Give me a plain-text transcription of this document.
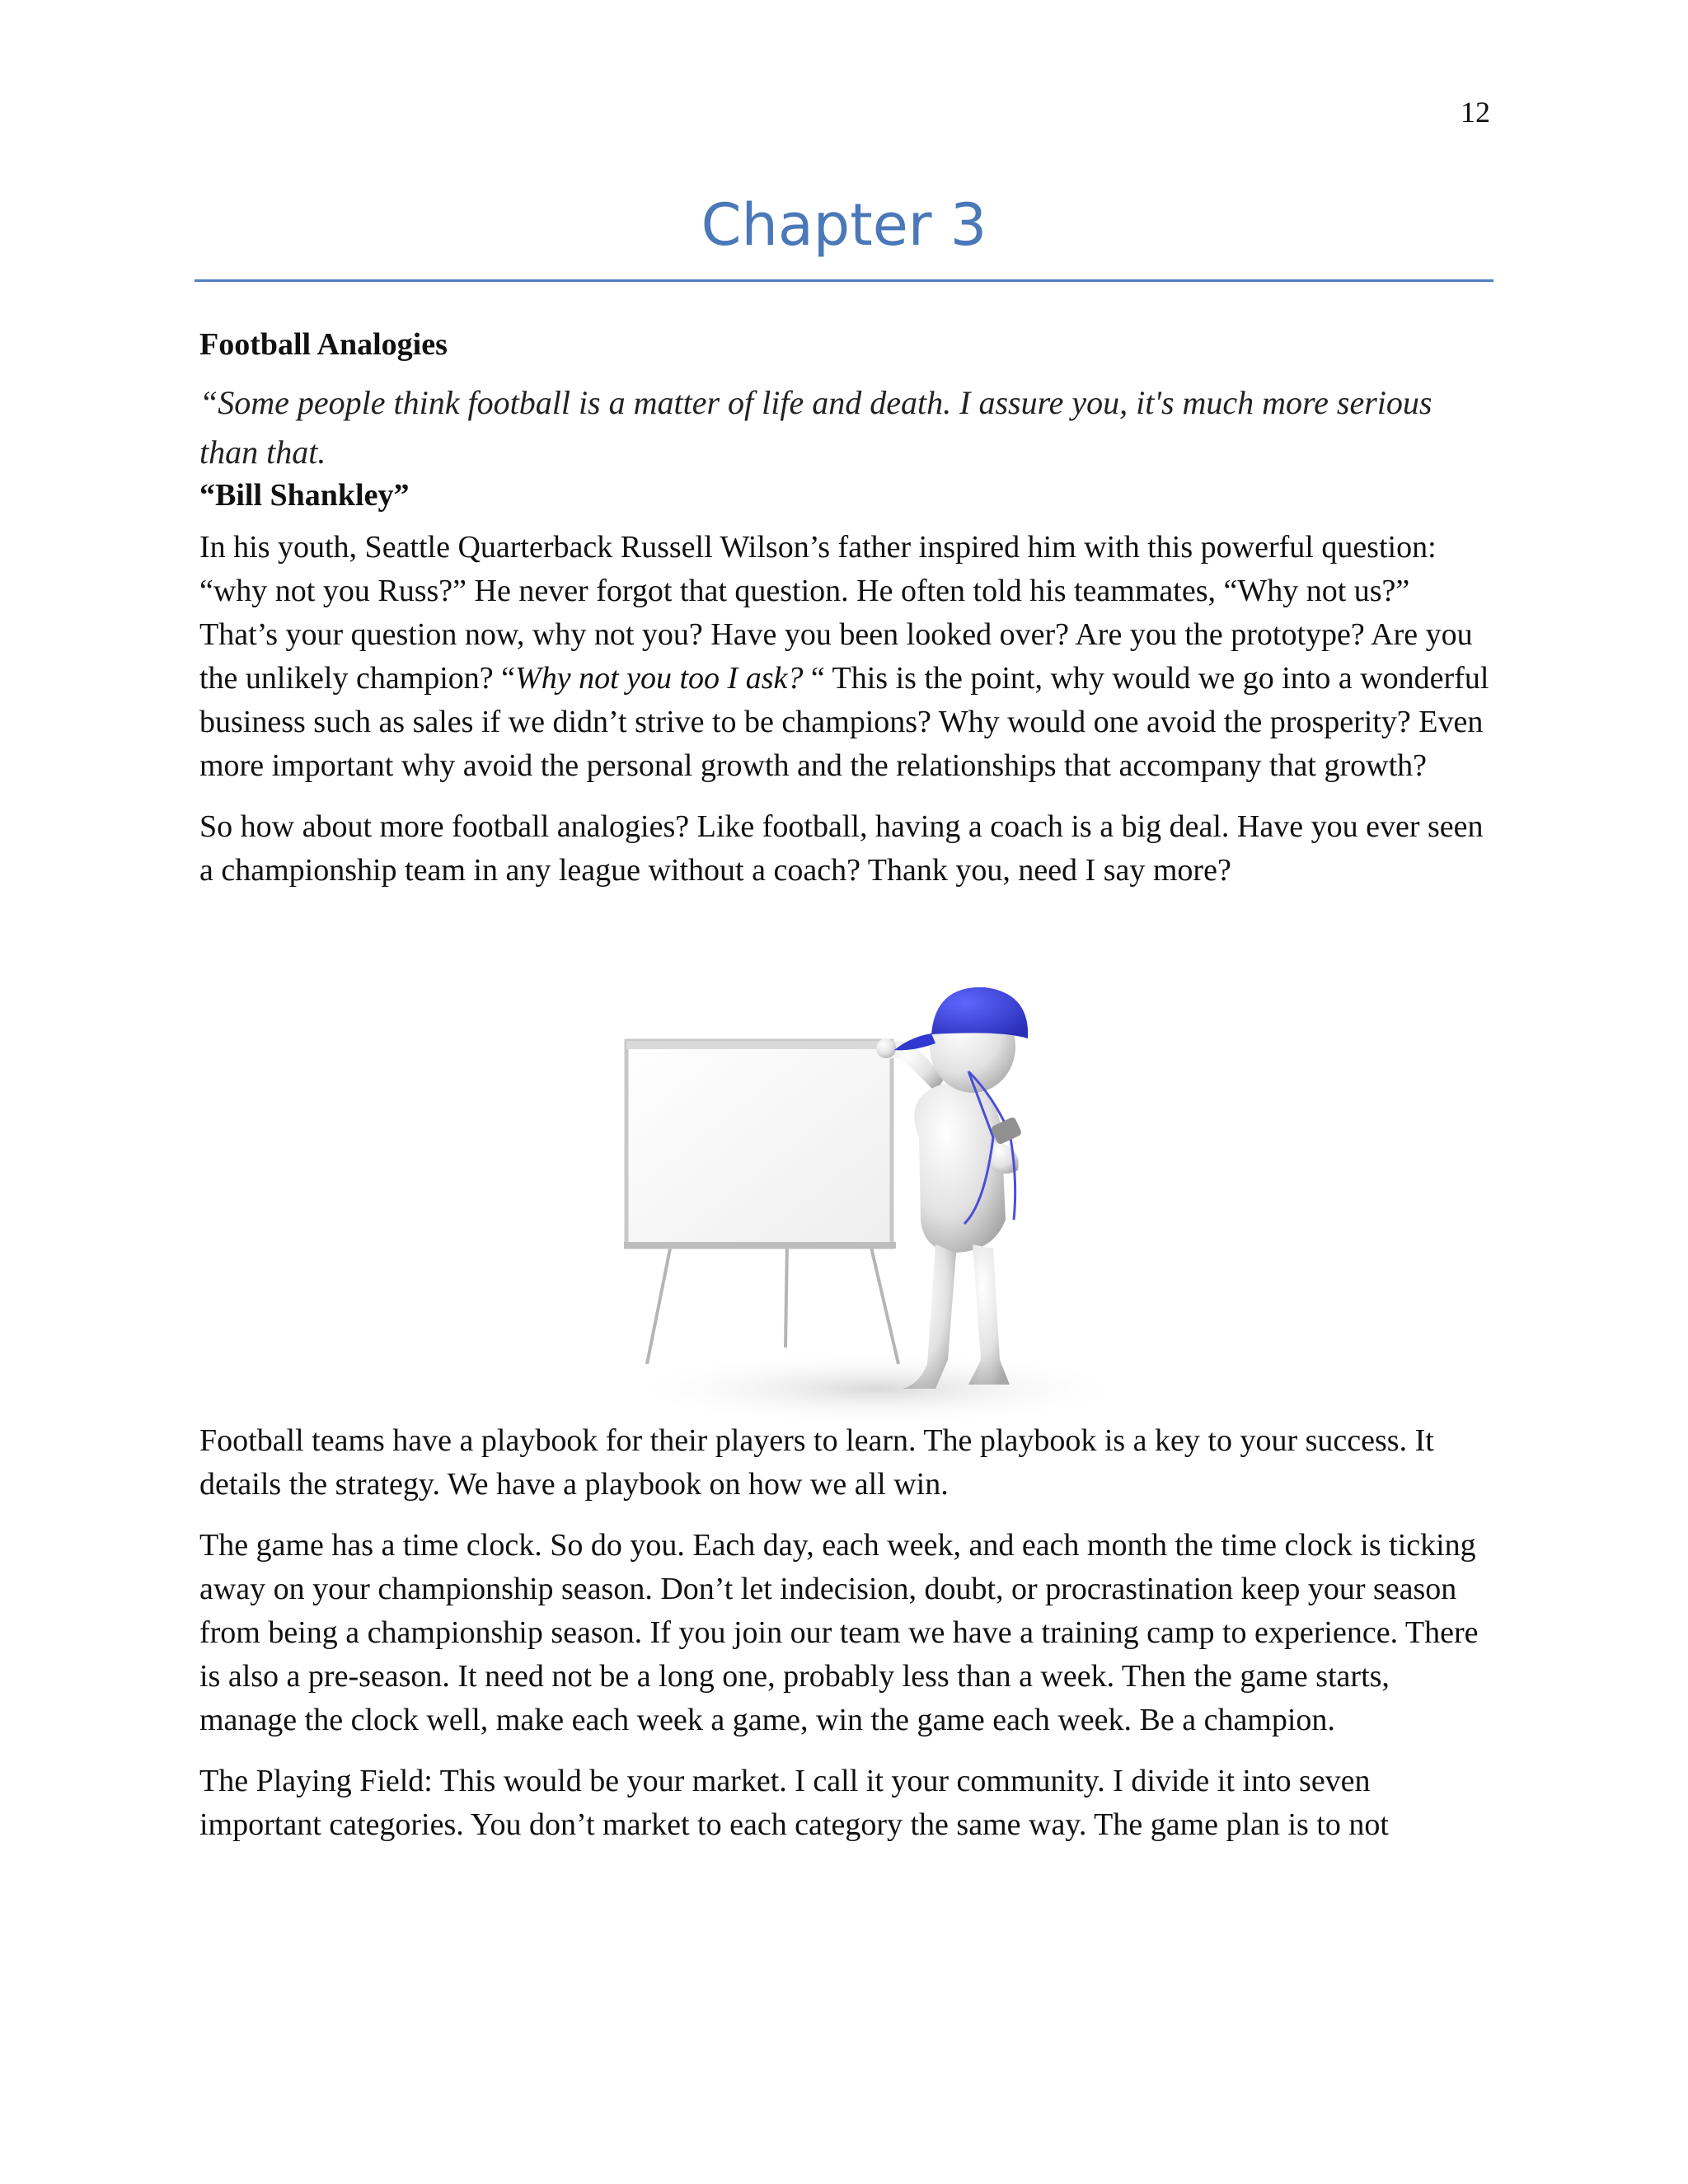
12
Chapter 3

Football Analogies

“Some people think football is a matter of life and death. I assure you, it's much more serious than that.

“Bill Shankley”

In his youth, Seattle Quarterback Russell Wilson’s father inspired him with this powerful question: “why not you Russ?” He never forgot that question. He often told his teammates, “Why not us?” That’s your question now, why not you? Have you been looked over? Are you the prototype? Are you the unlikely champion? “Why not you too I ask? “ This is the point, why would we go into a wonderful business such as sales if we didn’t strive to be champions? Why would one avoid the prosperity? Even more important why avoid the personal growth and the relationships that accompany that growth?

So how about more football analogies? Like football, having a coach is a big deal. Have you ever seen a championship team in any league without a coach? Thank you, need I say more?

Football teams have a playbook for their players to learn. The playbook is a key to your success. It details the strategy. We have a playbook on how we all win.

The game has a time clock. So do you. Each day, each week, and each month the time clock is ticking away on your championship season. Don’t let indecision, doubt, or procrastination keep your season from being a championship season. If you join our team we have a training camp to experience. There is also a pre-season. It need not be a long one, probably less than a week. Then the game starts, manage the clock well, make each week a game, win the game each week. Be a champion.

The Playing Field: This would be your market. I call it your community. I divide it into seven important categories. You don’t market to each category the same way. The game plan is to not
